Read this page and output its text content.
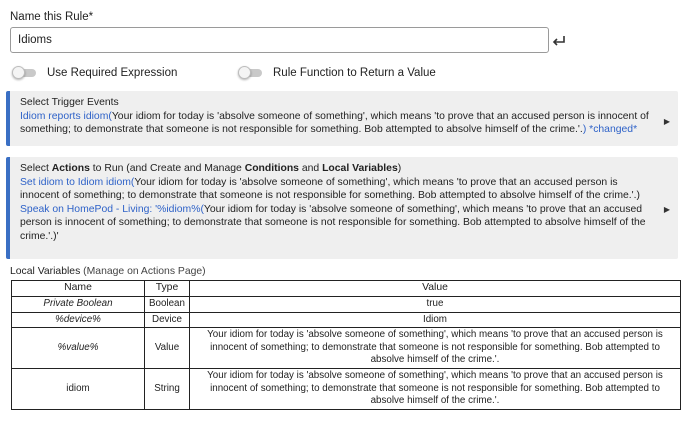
Name this Rule*
Idioms
Use Required Expression	Rule Function to Return a Value
Select Trigger Events
Idiom reports idiom(Your idiom for today is 'absolve someone of something', which means 'to prove that an accused person is innocent of something; to demonstrate that someone is not responsible for something. Bob attempted to absolve himself of the crime.'.) *changed*
▶
Select Actions to Run (and Create and Manage Conditions and Local Variables)
Set idiom to Idiom idiom(Your idiom for today is 'absolve someone of something', which means 'to prove that an accused person is innocent of something; to demonstrate that someone is not responsible for something. Bob attempted to absolve himself of the crime.'.)
Speak on HomePod - Living: '%idiom%(Your idiom for today is 'absolve someone of something', which means 'to prove that an accused person is innocent of something; to demonstrate that someone is not responsible for something. Bob attempted to absolve himself of the crime.'.)'
▶
Local Variables (Manage on Actions Page)
Name	Type	Value
Private Boolean	Boolean	true
%device%	Device	Idiom
%value%	Value	Your idiom for today is 'absolve someone of something', which means 'to prove that an accused person is innocent of something; to demonstrate that someone is not responsible for something. Bob attempted to absolve himself of the crime.'.
idiom	String	Your idiom for today is 'absolve someone of something', which means 'to prove that an accused person is innocent of something; to demonstrate that someone is not responsible for something. Bob attempted to absolve himself of the crime.'.
